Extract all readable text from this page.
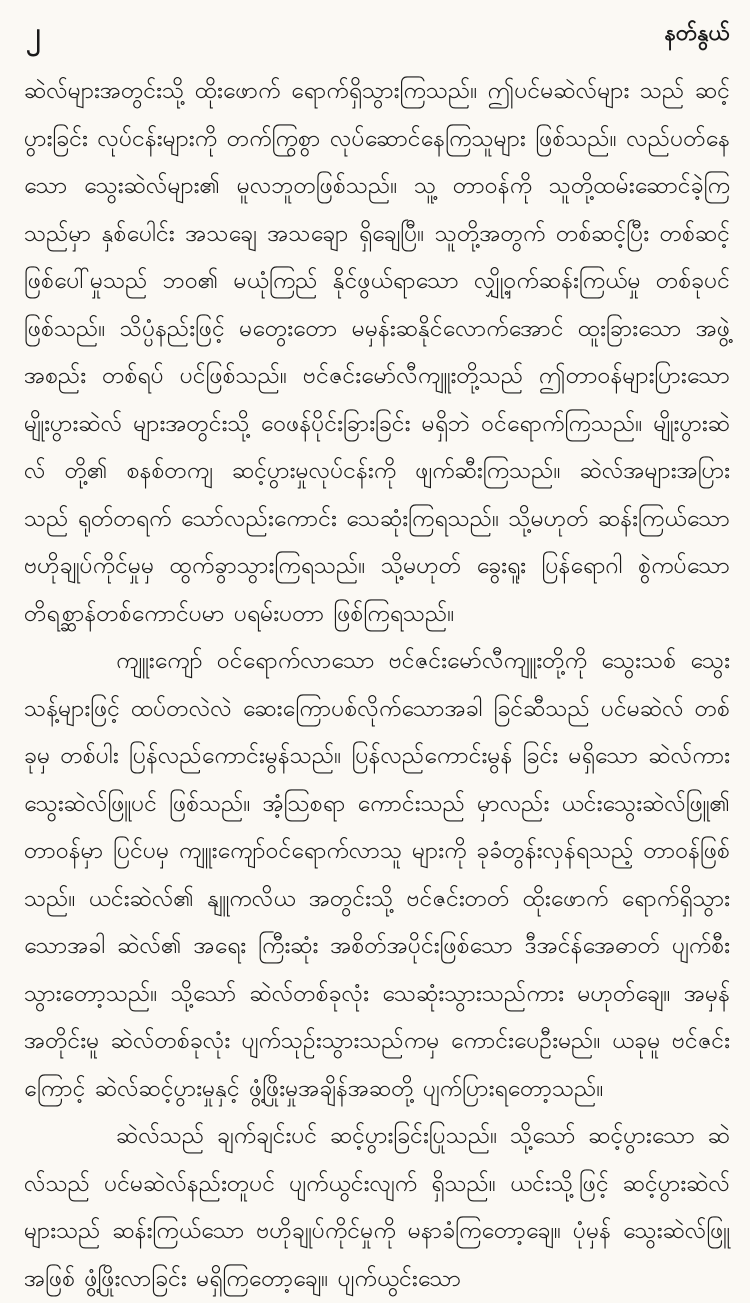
၂	နတ်နွယ်

ဆဲလ်များအတွင်းသို့ ထိုးဖောက် ရောက်ရှိသွားကြသည်။ ဤပင်မဆဲလ်များ သည် ဆင့်ပွားခြင်း လုပ်ငန်းများကို တက်ကြွစွာ လုပ်ဆောင်နေကြသူများ ဖြစ်သည်။ လည်ပတ်နေသော သွေးဆဲလ်များ၏ မူလဘူတဖြစ်သည်။ သူ့ တာဝန်ကို သူတို့ထမ်းဆောင်ခဲ့ကြသည်မှာ နှစ်ပေါင်း အသချေ အသချော ရှိချေပြီ။ သူတို့အတွက် တစ်ဆင့်ပြီး တစ်ဆင့် ဖြစ်ပေါ်မှုသည် ဘဝ၏ မယုံကြည် နိုင်ဖွယ်ရာသော လျှို့ဝှက်ဆန်းကြယ်မှု တစ်ခုပင်ဖြစ်သည်။ သိပ္ပံနည်းဖြင့် မတွေးတော မမှန်းဆနိုင်လောက်အောင် ထူးခြားသော အဖွဲ့အစည်း တစ်ရပ် ပင်ဖြစ်သည်။ ဗင်ဇင်းမော်လီကျူးတို့သည် ဤတာဝန်များပြားသော မျိုးပွားဆဲလ် များအတွင်းသို့ ဝေဖန်ပိုင်းခြားခြင်း မရှိဘဲ ဝင်ရောက်ကြသည်။ မျိုးပွားဆဲလ် တို့၏ စနစ်တကျ ဆင့်ပွားမှုလုပ်ငန်းကို ဖျက်ဆီးကြသည်။ ဆဲလ်အများအပြား သည် ရုတ်တရက် သော်လည်းကောင်း သေဆုံးကြရသည်။ သို့မဟုတ် ဆန်းကြယ်သော ဗဟိုချုပ်ကိုင်မှုမှ ထွက်ခွာသွားကြရသည်။ သို့မဟုတ် ခွေးရူး ပြန်ရောဂါ စွဲကပ်သော တိရစ္ဆာန်တစ်ကောင်ပမာ ပရမ်းပတာ ဖြစ်ကြရသည်။

ကျူးကျော် ဝင်ရောက်လာသော ဗင်ဇင်းမော်လီကျူးတို့ကို သွေးသစ် သွေးသန့်များဖြင့် ထပ်တလဲလဲ ဆေးကြောပစ်လိုက်သောအခါ ခြင်ဆီသည် ပင်မဆဲလ် တစ်ခုမှ တစ်ပါး ပြန်လည်ကောင်းမွန်သည်။ ပြန်လည်ကောင်းမွန် ခြင်း မရှိသော ဆဲလ်ကား သွေးဆဲလ်ဖြူပင် ဖြစ်သည်။ အံ့သြစရာ ကောင်းသည် မှာလည်း ယင်းသွေးဆဲလ်ဖြူ၏ တာဝန်မှာ ပြင်ပမှ ကျူးကျော်ဝင်ရောက်လာသူ များကို ခုခံတွန်းလှန်ရသည့် တာဝန်ဖြစ်သည်။ ယင်းဆဲလ်၏ နျူကလိယ အတွင်းသို့ ဗင်ဇင်းတတ် ထိုးဖောက် ရောက်ရှိသွားသောအခါ ဆဲလ်၏ အရေး ကြီးဆုံး အစိတ်အပိုင်းဖြစ်သော ဒီအင်န်အေဓာတ် ပျက်စီးသွားတော့သည်။ သို့သော် ဆဲလ်တစ်ခုလုံး သေဆုံးသွားသည်ကား မဟုတ်ချေ။ အမှန်အတိုင်းမူ ဆဲလ်တစ်ခုလုံး ပျက်သုဉ်းသွားသည်ကမှ ကောင်းပေဦးမည်။ ယခုမူ ဗင်ဇင်း ကြောင့် ဆဲလ်ဆင့်ပွားမှုနှင့် ဖွံ့ဖြိုးမှုအချိန်အဆတို့ ပျက်ပြားရတော့သည်။

ဆဲလ်သည် ချက်ချင်းပင် ဆင့်ပွားခြင်းပြုသည်။ သို့သော် ဆင့်ပွားသော ဆဲလ်သည် ပင်မဆဲလ်နည်းတူပင် ပျက်ယွင်းလျက် ရှိသည်။ ယင်းသို့ဖြင့် ဆင့်ပွားဆဲလ်များသည် ဆန်းကြယ်သော ဗဟိုချုပ်ကိုင်မှုကို မနာခံကြတော့ချေ။ ပုံမှန် သွေးဆဲလ်ဖြူအဖြစ် ဖွံ့ဖြိုးလာခြင်း မရှိကြတော့ချေ။ ပျက်ယွင်းသော
